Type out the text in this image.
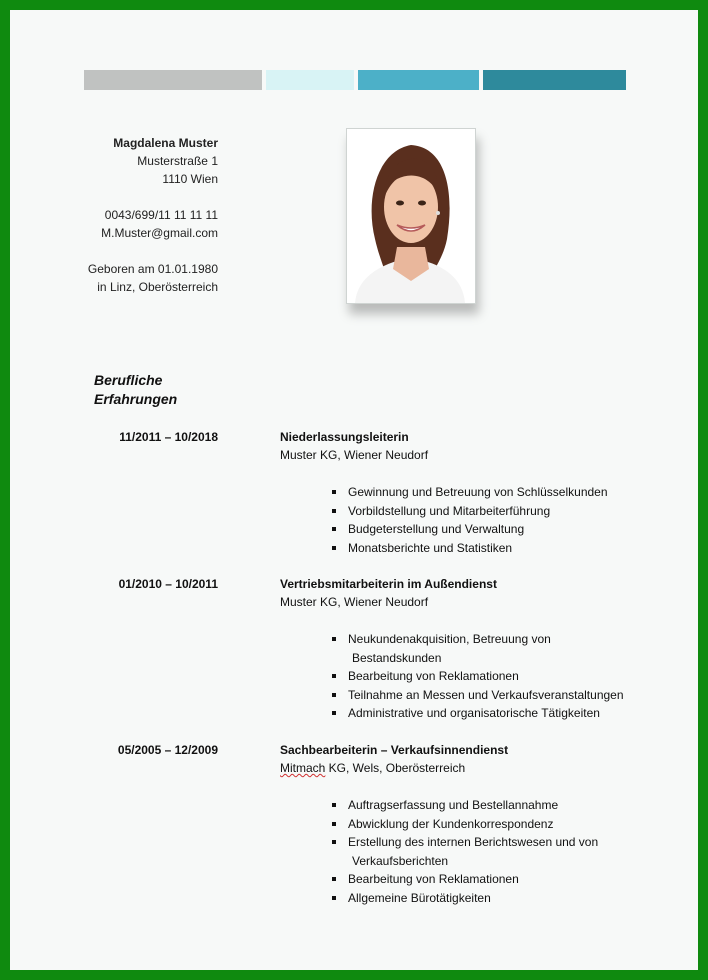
Magdalena Muster
Musterstraße 1
1110 Wien
0043/699/11 11 11 11
M.Muster@gmail.com
Geboren am 01.01.1980
in Linz, Oberösterreich
Berufliche
Erfahrungen
11/2011 – 10/2018	Niederlassungsleiterin
Muster KG, Wiener Neudorf
Gewinnung und Betreuung von Schlüsselkunden
Vorbildstellung und Mitarbeiterführung
Budgeterstellung und Verwaltung
Monatsberichte und Statistiken
01/2010 – 10/2011	Vertriebsmitarbeiterin im Außendienst
Muster KG, Wiener Neudorf
Neukundenakquisition, Betreuung von
Bestandskunden
Bearbeitung von Reklamationen
Teilnahme an Messen und Verkaufsveranstaltungen
Administrative und organisatorische Tätigkeiten
05/2005 – 12/2009	Sachbearbeiterin – Verkaufsinnendienst
Mitmach KG, Wels, Oberösterreich
Auftragserfassung und Bestellannahme
Abwicklung der Kundenkorrespondenz
Erstellung des internen Berichtswesen und von
Verkaufsberichten
Bearbeitung von Reklamationen
Allgemeine Bürotätigkeiten
